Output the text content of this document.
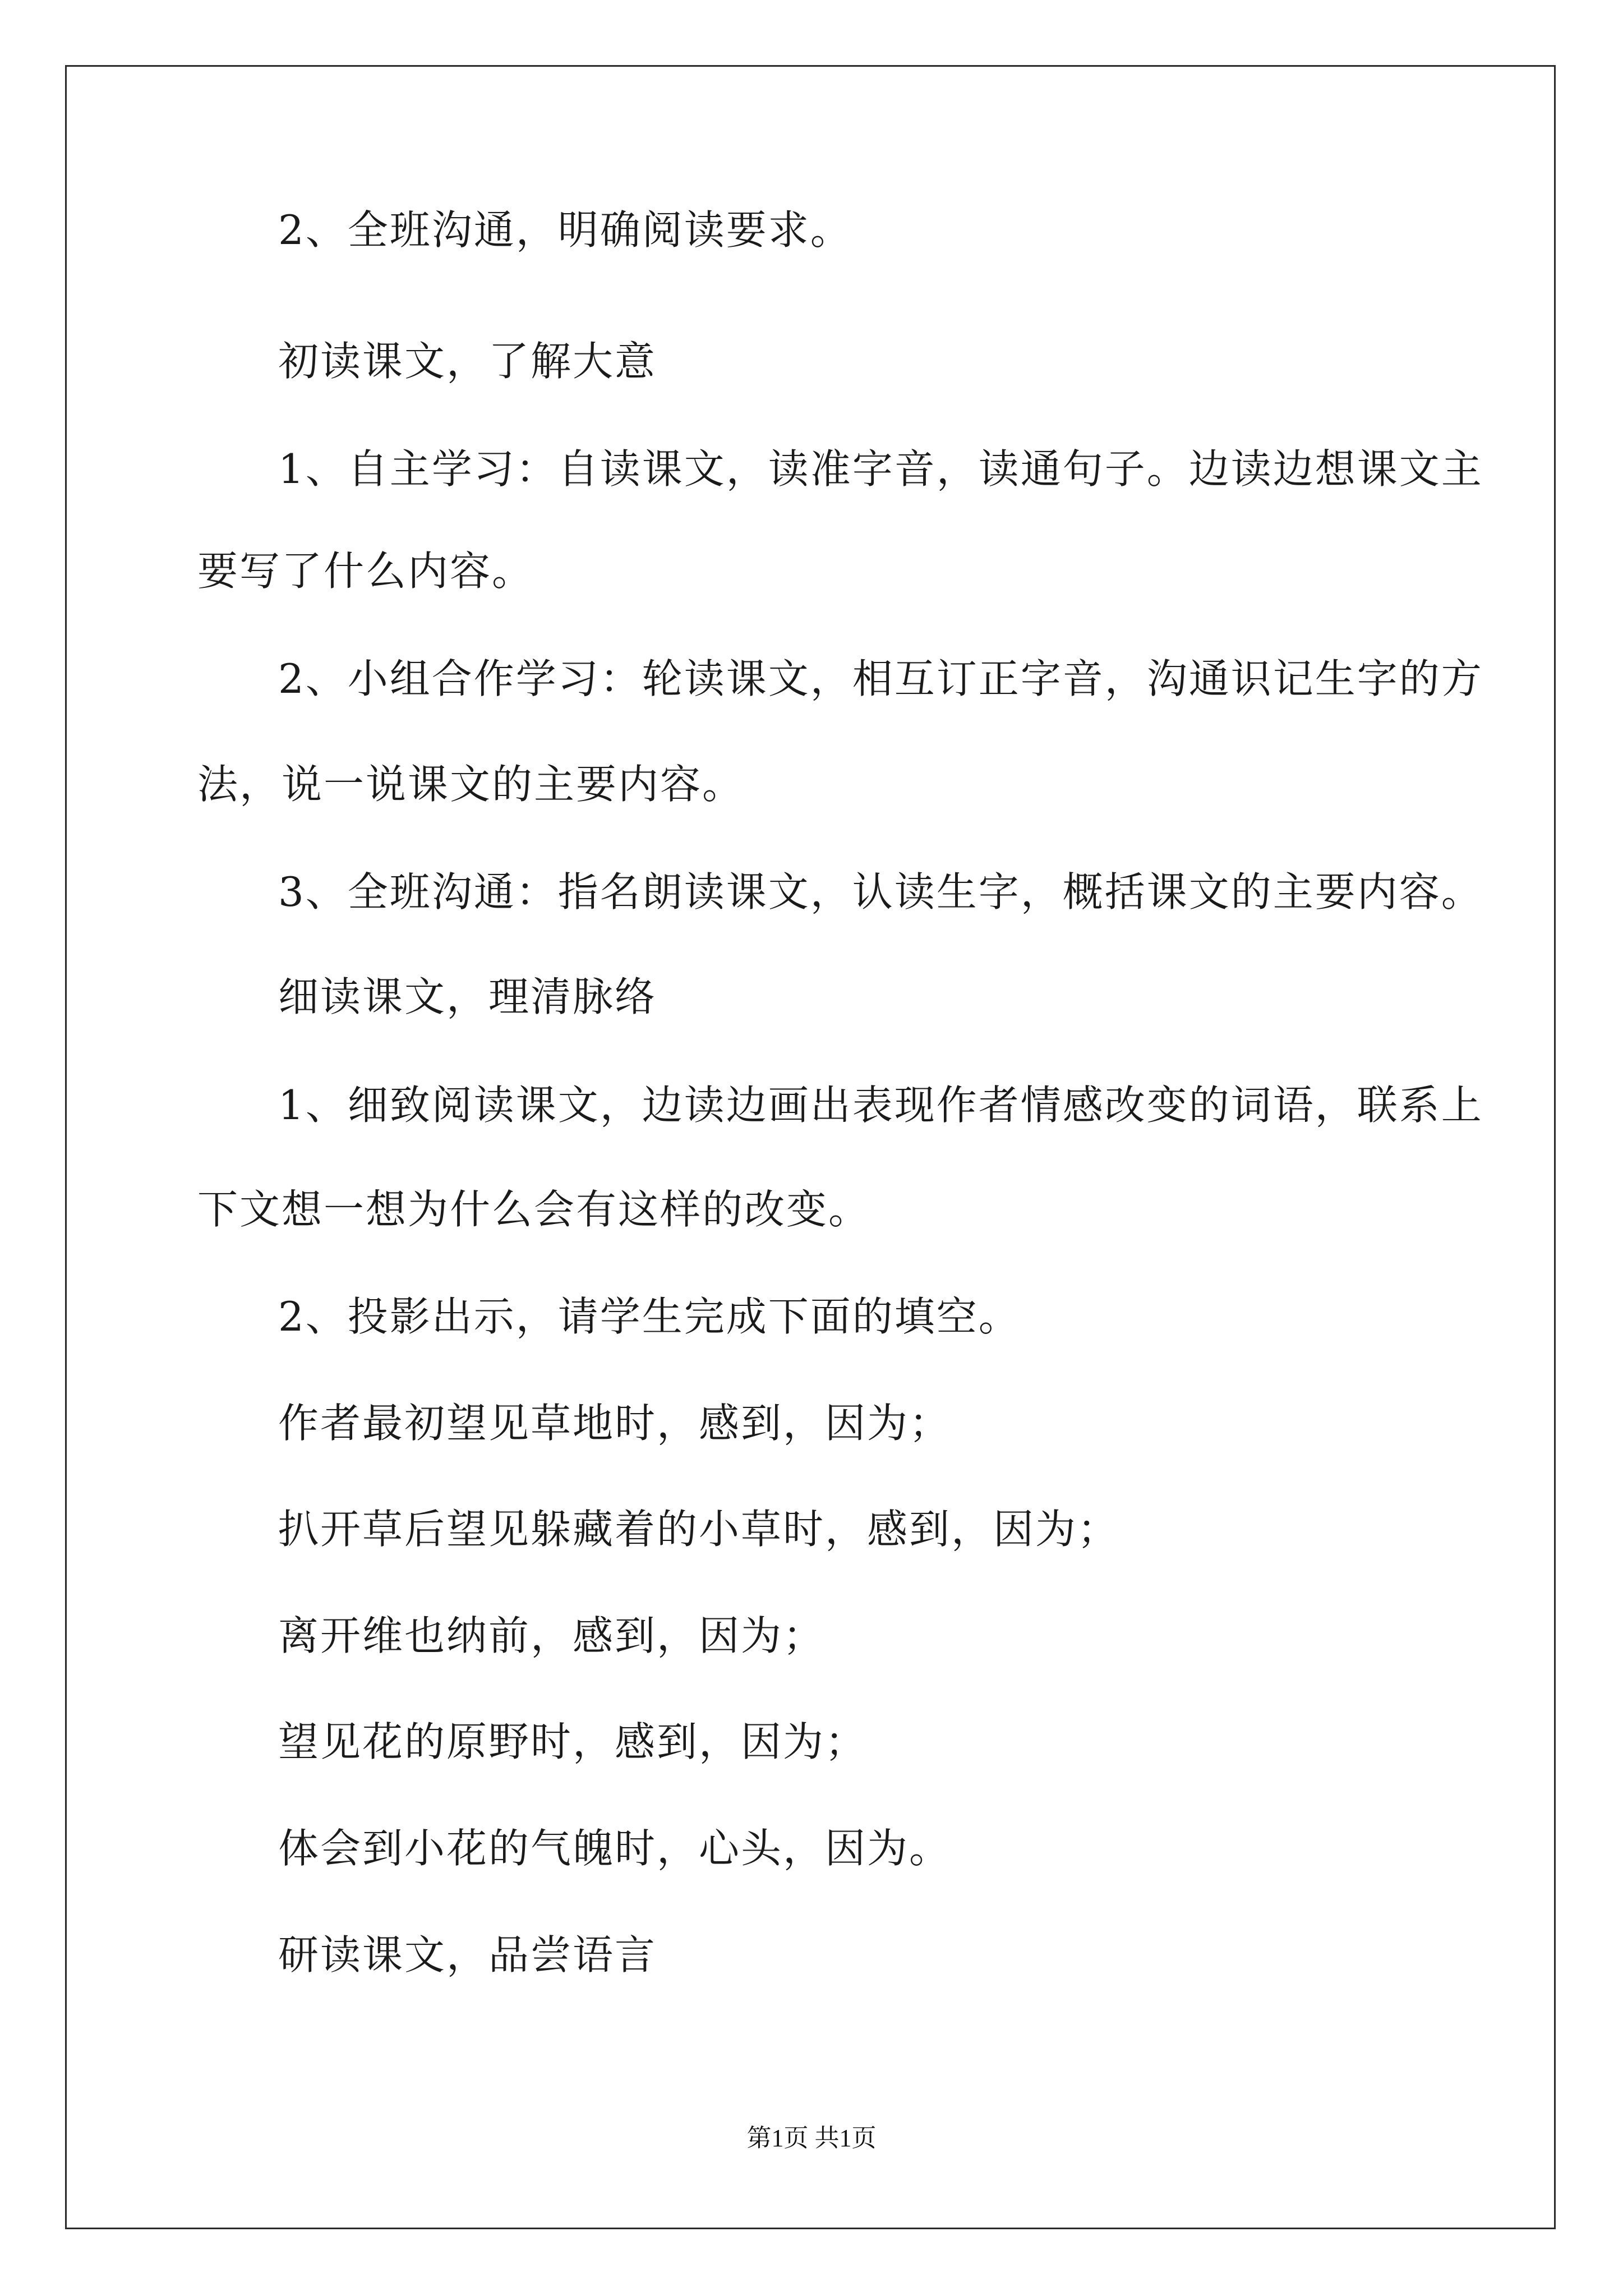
2、全班沟通，明确阅读要求。
初读课文，了解大意
1、自主学习：自读课文，读准字音，读通句子。边读边想课文主
要写了什么内容。
2、小组合作学习：轮读课文，相互订正字音，沟通识记生字的方
法，说一说课文的主要内容。
3、全班沟通：指名朗读课文，认读生字，概括课文的主要内容。
细读课文，理清脉络
1、细致阅读课文，边读边画出表现作者情感改变的词语，联系上
下文想一想为什么会有这样的改变。
2、投影出示，请学生完成下面的填空。
作者最初望见草地时，感到，因为；
扒开草后望见躲藏着的小草时，感到，因为；
离开维也纳前，感到，因为；
望见花的原野时，感到，因为；
体会到小花的气魄时，心头，因为。
研读课文，品尝语言
第1页 共1页
